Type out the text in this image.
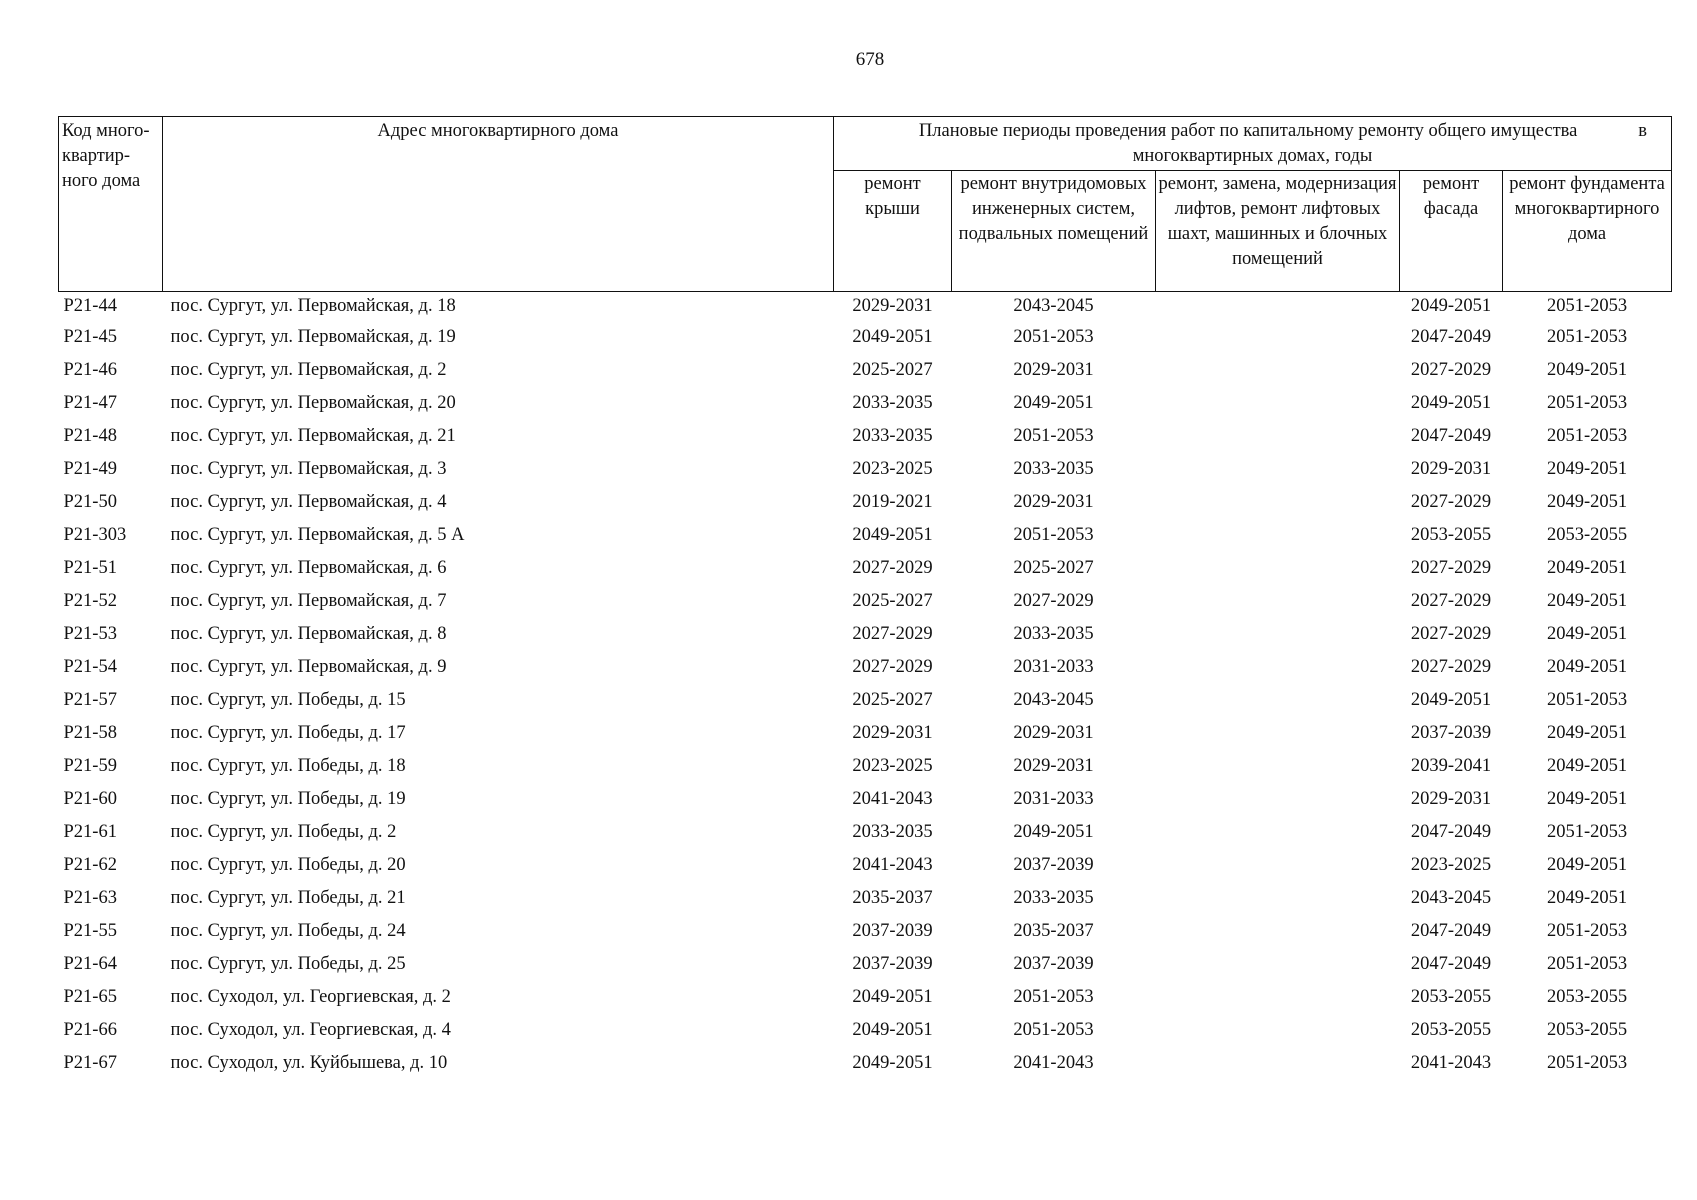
678
Код много-квартир-ного дома	Адрес многоквартирного дома	в
Плановые периоды проведения работ по капитальному ремонту общего имущества
многоквартирных домах, годы				
		ремонт крыши	ремонт внутридомовых инженерных систем, подвальных помещений	ремонт, замена, модернизация лифтов, ремонт лифтовых шахт, машинных и блочных помещений	ремонт фасада	ремонт фундамента многоквартирного дома
Р21-44	пос. Сургут, ул. Первомайская, д. 18	2029-2031	2043-2045		2049-2051	2051-2053
Р21-45	пос. Сургут, ул. Первомайская, д. 19	2049-2051	2051-2053		2047-2049	2051-2053
Р21-46	пос. Сургут, ул. Первомайская, д. 2	2025-2027	2029-2031		2027-2029	2049-2051
Р21-47	пос. Сургут, ул. Первомайская, д. 20	2033-2035	2049-2051		2049-2051	2051-2053
Р21-48	пос. Сургут, ул. Первомайская, д. 21	2033-2035	2051-2053		2047-2049	2051-2053
Р21-49	пос. Сургут, ул. Первомайская, д. 3	2023-2025	2033-2035		2029-2031	2049-2051
Р21-50	пос. Сургут, ул. Первомайская, д. 4	2019-2021	2029-2031		2027-2029	2049-2051
Р21-303	пос. Сургут, ул. Первомайская, д. 5 А	2049-2051	2051-2053		2053-2055	2053-2055
Р21-51	пос. Сургут, ул. Первомайская, д. 6	2027-2029	2025-2027		2027-2029	2049-2051
Р21-52	пос. Сургут, ул. Первомайская, д. 7	2025-2027	2027-2029		2027-2029	2049-2051
Р21-53	пос. Сургут, ул. Первомайская, д. 8	2027-2029	2033-2035		2027-2029	2049-2051
Р21-54	пос. Сургут, ул. Первомайская, д. 9	2027-2029	2031-2033		2027-2029	2049-2051
Р21-57	пос. Сургут, ул. Победы, д. 15	2025-2027	2043-2045		2049-2051	2051-2053
Р21-58	пос. Сургут, ул. Победы, д. 17	2029-2031	2029-2031		2037-2039	2049-2051
Р21-59	пос. Сургут, ул. Победы, д. 18	2023-2025	2029-2031		2039-2041	2049-2051
Р21-60	пос. Сургут, ул. Победы, д. 19	2041-2043	2031-2033		2029-2031	2049-2051
Р21-61	пос. Сургут, ул. Победы, д. 2	2033-2035	2049-2051		2047-2049	2051-2053
Р21-62	пос. Сургут, ул. Победы, д. 20	2041-2043	2037-2039		2023-2025	2049-2051
Р21-63	пос. Сургут, ул. Победы, д. 21	2035-2037	2033-2035		2043-2045	2049-2051
Р21-55	пос. Сургут, ул. Победы, д. 24	2037-2039	2035-2037		2047-2049	2051-2053
Р21-64	пос. Сургут, ул. Победы, д. 25	2037-2039	2037-2039		2047-2049	2051-2053
Р21-65	пос. Суходол, ул. Георгиевская, д. 2	2049-2051	2051-2053		2053-2055	2053-2055
Р21-66	пос. Суходол, ул. Георгиевская, д. 4	2049-2051	2051-2053		2053-2055	2053-2055
Р21-67	пос. Суходол, ул. Куйбышева, д. 10	2049-2051	2041-2043		2041-2043	2051-2053
